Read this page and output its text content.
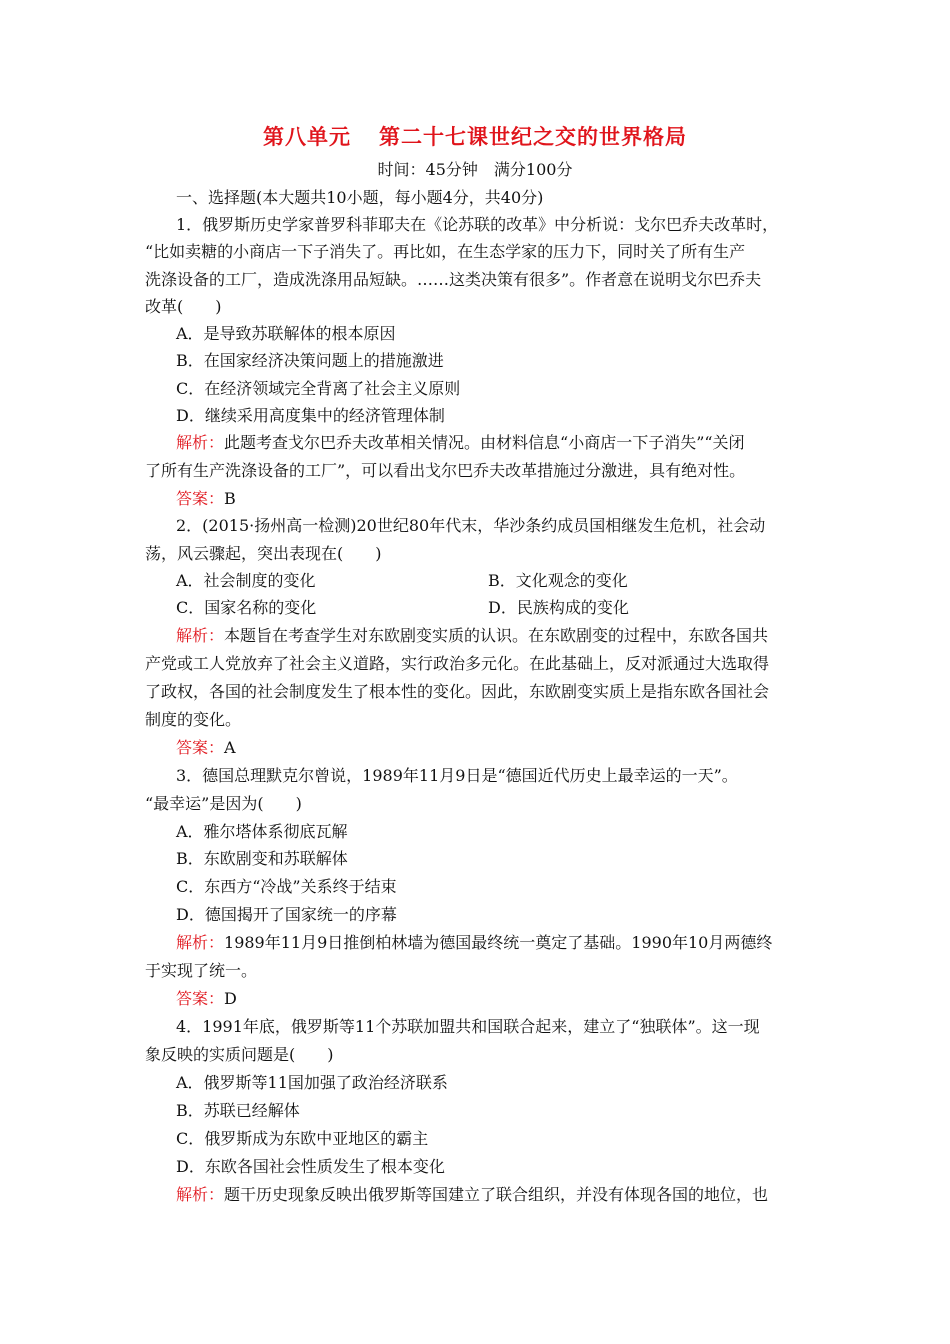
第八单元 第二十七课世纪之交的世界格局
时间：45分钟　满分100分
一、选择题(本大题共10小题，每小题4分，共40分)
1．俄罗斯历史学家普罗科菲耶夫在《论苏联的改革》中分析说：戈尔巴乔夫改革时，
“比如卖糖的小商店一下子消失了。再比如，在生态学家的压力下，同时关了所有生产
洗涤设备的工厂，造成洗涤用品短缺。……这类决策有很多”。作者意在说明戈尔巴乔夫
改革(　　)
A．是导致苏联解体的根本原因
B．在国家经济决策问题上的措施激进
C．在经济领域完全背离了社会主义原则
D．继续采用高度集中的经济管理体制
解析：此题考查戈尔巴乔夫改革相关情况。由材料信息“小商店一下子消失”“关闭
了所有生产洗涤设备的工厂”，可以看出戈尔巴乔夫改革措施过分激进，具有绝对性。
答案：B
2．(2015·扬州高一检测)20世纪80年代末，华沙条约成员国相继发生危机，社会动
荡，风云骤起，突出表现在(　　)
A．社会制度的变化	B．文化观念的变化
C．国家名称的变化	D．民族构成的变化
解析：本题旨在考查学生对东欧剧变实质的认识。在东欧剧变的过程中，东欧各国共
产党或工人党放弃了社会主义道路，实行政治多元化。在此基础上，反对派通过大选取得
了政权，各国的社会制度发生了根本性的变化。因此，东欧剧变实质上是指东欧各国社会
制度的变化。
答案：A
3．德国总理默克尔曾说，1989年11月9日是“德国近代历史上最幸运的一天”。
“最幸运”是因为(　　)
A．雅尔塔体系彻底瓦解
B．东欧剧变和苏联解体
C．东西方“冷战”关系终于结束
D．德国揭开了国家统一的序幕
解析：1989年11月9日推倒柏林墙为德国最终统一奠定了基础。1990年10月两德终
于实现了统一。
答案：D
4．1991年底，俄罗斯等11个苏联加盟共和国联合起来，建立了“独联体”。这一现
象反映的实质问题是(　　)
A．俄罗斯等11国加强了政治经济联系
B．苏联已经解体
C．俄罗斯成为东欧中亚地区的霸主
D．东欧各国社会性质发生了根本变化
解析：题干历史现象反映出俄罗斯等国建立了联合组织，并没有体现各国的地位，也
